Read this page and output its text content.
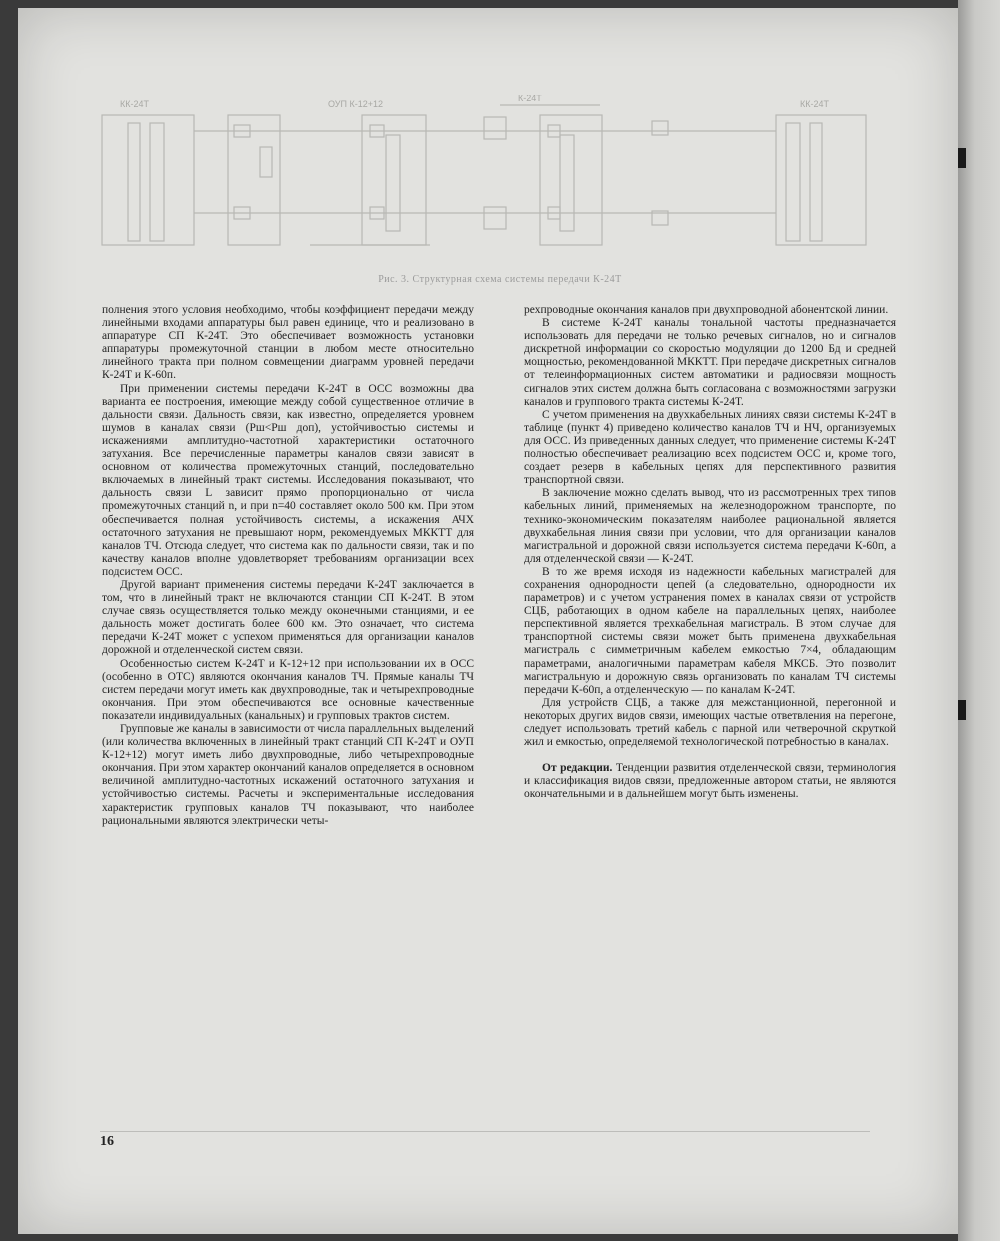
КК-24Т	ОУП К-12+12
К-24Т
КК-24Т
Рис. 3. Структурная схема системы передачи К-24Т

полнения этого условия необходимо, чтобы коэффициент передачи между линейными входами аппаратуры был равен единице, что и реализовано в аппаратуре СП К-24Т. Это обеспечивает возможность установки аппаратуры промежуточной станции в любом месте относительно линейного тракта при полном совмещении диаграмм уровней передачи К-24Т и К-60п.

При применении системы передачи К-24Т в ОСС возможны два варианта ее построения, имеющие между собой существенное отличие в дальности связи. Дальность связи, как известно, определяется уровнем шумов в каналах связи (Pш<Pш доп), устойчивостью системы и искажениями амплитудно-частотной характеристики остаточного затухания. Все перечисленные параметры каналов связи зависят в основном от количества промежуточных станций, последовательно включаемых в линейный тракт системы. Исследования показывают, что дальность связи L зависит прямо пропорционально от числа промежуточных станций n, и при n=40 составляет около 500 км. При этом обеспечивается полная устойчивость системы, а искажения АЧХ остаточного затухания не превышают норм, рекомендуемых МККТТ для каналов ТЧ. Отсюда следует, что система как по дальности связи, так и по качеству каналов вполне удовлетворяет требованиям организации всех подсистем ОСС.

Другой вариант применения системы передачи К-24Т заключается в том, что в линейный тракт не включаются станции СП К-24Т. В этом случае связь осуществляется только между оконечными станциями, и ее дальность может достигать более 600 км. Это означает, что система передачи К-24Т может с успехом применяться для организации каналов дорожной и отделенческой систем связи.

Особенностью систем К-24Т и К-12+12 при использовании их в ОСС (особенно в ОТС) являются окончания каналов ТЧ. Прямые каналы ТЧ систем передачи могут иметь как двухпроводные, так и четырехпроводные окончания. При этом обеспечиваются все основные качественные показатели индивидуальных (канальных) и групповых трактов систем.

Групповые же каналы в зависимости от числа параллельных выделений (или количества включенных в линейный тракт станций СП К-24Т и ОУП К-12+12) могут иметь либо двухпроводные, либо четырехпроводные окончания. При этом характер окончаний каналов определяется в основном величиной амплитудно-частотных искажений остаточного затухания и устойчивостью системы. Расчеты и экспериментальные исследования характеристик групповых каналов ТЧ показывают, что наиболее рациональными являются электрически четы-

рехпроводные окончания каналов при двухпроводной абонентской линии.

В системе К-24Т каналы тональной частоты предназначается использовать для передачи не только речевых сигналов, но и сигналов дискретной информации со скоростью модуляции до 1200 Бд и средней мощностью, рекомендованной МККТТ. При передаче дискретных сигналов от телеинформационных систем автоматики и радиосвязи мощность сигналов этих систем должна быть согласована с возможностями загрузки каналов и группового тракта системы К-24Т.

С учетом применения на двухкабельных линиях связи системы К-24Т в таблице (пункт 4) приведено количество каналов ТЧ и НЧ, организуемых для ОСС. Из приведенных данных следует, что применение системы К-24Т полностью обеспечивает реализацию всех подсистем ОСС и, кроме того, создает резерв в кабельных цепях для перспективного развития транспортной связи.

В заключение можно сделать вывод, что из рассмотренных трех типов кабельных линий, применяемых на железнодорожном транспорте, по технико-экономическим показателям наиболее рациональной является двухкабельная линия связи при условии, что для организации каналов магистральной и дорожной связи используется система передачи К-60п, а для отделенческой связи — К-24Т.

В то же время исходя из надежности кабельных магистралей для сохранения однородности цепей (а следовательно, однородности их параметров) и с учетом устранения помех в каналах связи от устройств СЦБ, работающих в одном кабеле на параллельных цепях, наиболее перспективной является трехкабельная магистраль. В этом случае для транспортной системы связи может быть применена двухкабельная магистраль с симметричным кабелем емкостью 7×4, обладающим параметрами, аналогичными параметрам кабеля МКСБ. Это позволит магистральную и дорожную связь организовать по каналам ТЧ системы передачи К-60п, а отделенческую — по каналам К-24Т.

Для устройств СЦБ, а также для межстанционной, перегонной и некоторых других видов связи, имеющих частые ответвления на перегоне, следует использовать третий кабель с парной или четверочной скруткой жил и емкостью, определяемой технологической потребностью в каналах.

От редакции. Тенденции развития отделенческой связи, терминология и классификация видов связи, предложенные автором статьи, не являются окончательными и в дальнейшем могут быть изменены.

16
